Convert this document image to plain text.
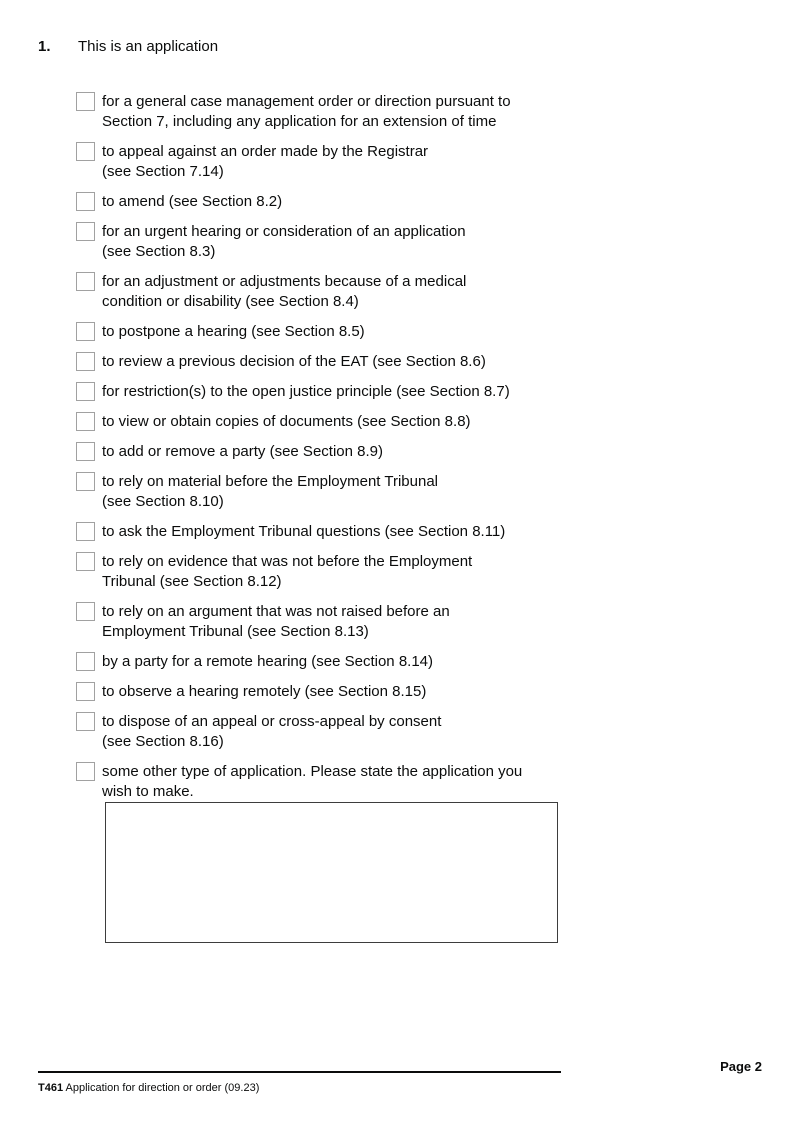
1.	This is an application
for a general case management order or direction pursuant to
Section 7, including any application for an extension of time
to appeal against an order made by the Registrar
(see Section 7.14)
to amend (see Section 8.2)
for an urgent hearing or consideration of an application
(see Section 8.3)
for an adjustment or adjustments because of a medical
condition or disability (see Section 8.4)
to postpone a hearing (see Section 8.5)
to review a previous decision of the EAT (see Section 8.6)
for restriction(s) to the open justice principle (see Section 8.7)
to view or obtain copies of documents (see Section 8.8)
to add or remove a party (see Section 8.9)
to rely on material before the Employment Tribunal
(see Section 8.10)
to ask the Employment Tribunal questions (see Section 8.11)
to rely on evidence that was not before the Employment
Tribunal (see Section 8.12)
to rely on an argument that was not raised before an
Employment Tribunal (see Section 8.13)
by a party for a remote hearing (see Section 8.14)
to observe a hearing remotely (see Section 8.15)
to dispose of an appeal or cross-appeal by consent
(see Section 8.16)
some other type of application. Please state the application you
wish to make.
Page 2
T461 Application for direction or order (09.23)
